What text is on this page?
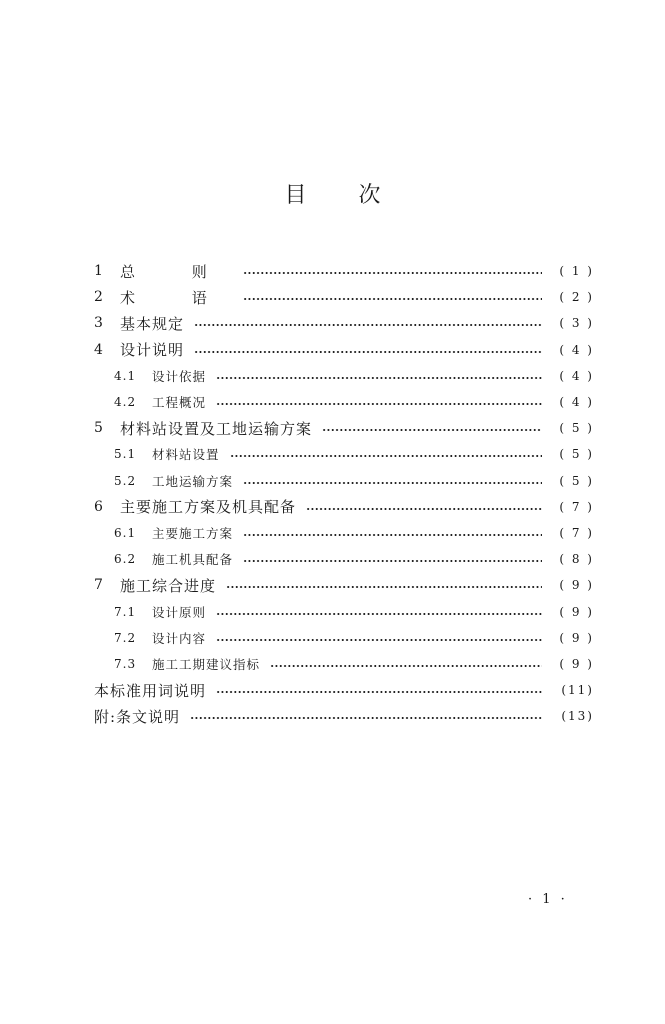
目 次
1	总 则	( 1 )
2	术 语	( 2 )
3	基本规定	( 3 )
4	设计说明	( 4 )
4.1	设计依据	( 4 )
4.2	工程概况	( 4 )
5	材料站设置及工地运输方案	( 5 )
5.1	材料站设置	( 5 )
5.2	工地运输方案	( 5 )
6	主要施工方案及机具配备	( 7 )
6.1	主要施工方案	( 7 )
6.2	施工机具配备	( 8 )
7	施工综合进度	( 9 )
7.1	设计原则	( 9 )
7.2	设计内容	( 9 )
7.3	施工工期建议指标	( 9 )
本标准用词说明	(11)
附:条文说明	(13)
· 1 ·
